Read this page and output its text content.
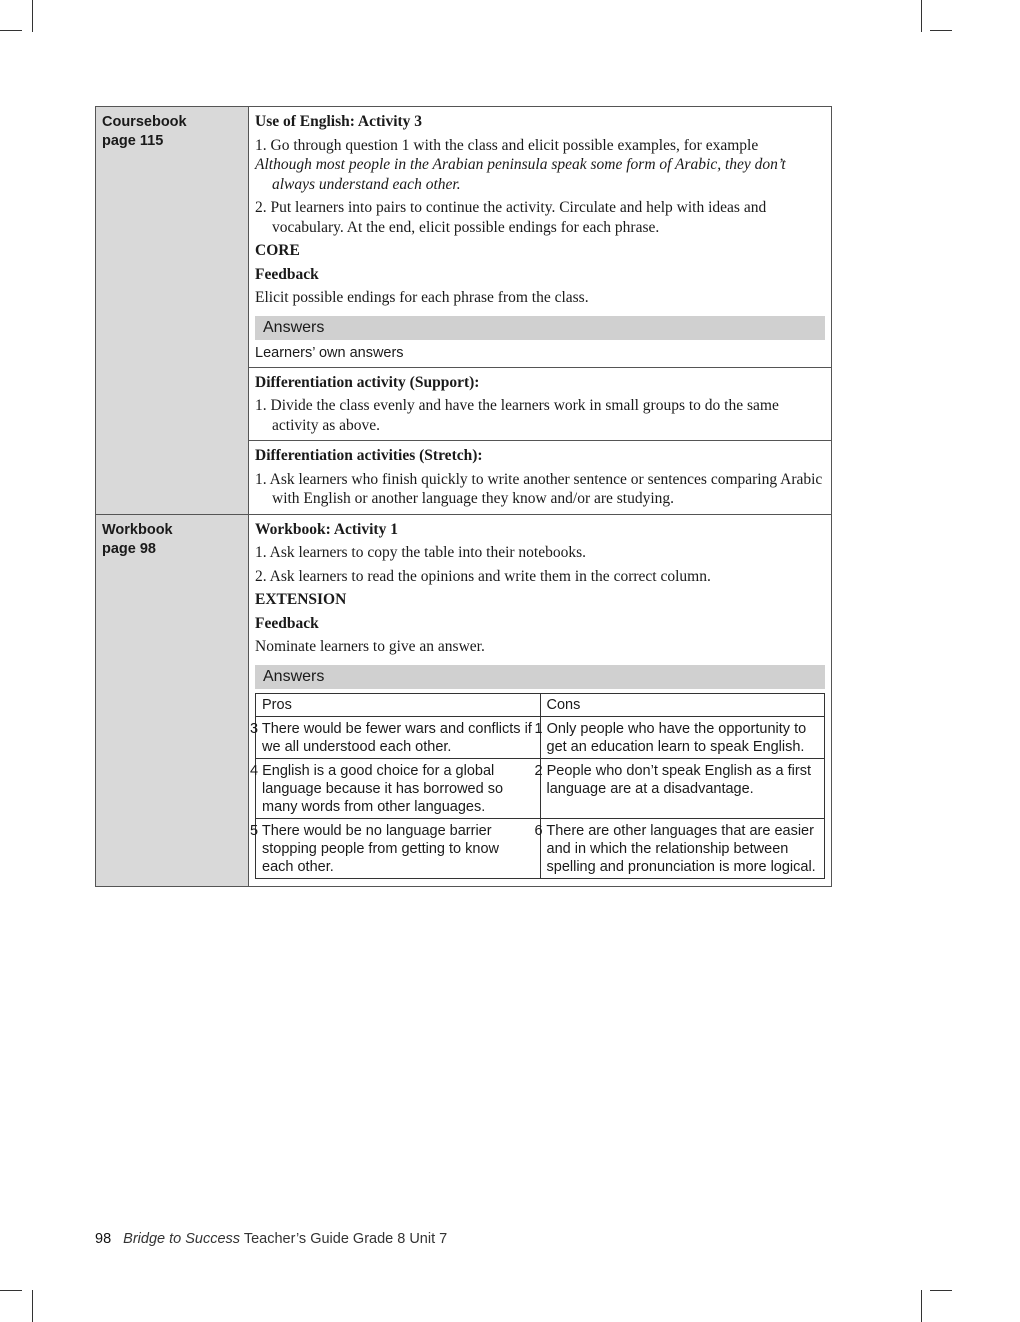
Coursebook
page 115

Use of English: Activity 3
1. Go through question 1 with the class and elicit possible examples, for example
Although most people in the Arabian peninsula speak some form of Arabic, they don’t always understand each other.
2. Put learners into pairs to continue the activity. Circulate and help with ideas and vocabulary. At the end, elicit possible endings for each phrase.
CORE
Feedback
Elicit possible endings for each phrase from the class.
Answers
Learners’ own answers
Differentiation activity (Support):
1. Divide the class evenly and have the learners work in small groups to do the same activity as above.
Differentiation activities (Stretch):
1. Ask learners who finish quickly to write another sentence or sentences comparing Arabic with English or another language they know and/or are studying.

Workbook
page 98

Workbook: Activity 1
1. Ask learners to copy the table into their notebooks.
2. Ask learners to read the opinions and write them in the correct column.
EXTENSION
Feedback
Nominate learners to give an answer.
Answers
Pros	Cons
3 There would be fewer wars and conflicts if we all understood each other.	1 Only people who have the opportunity to get an education learn to speak English.
4 English is a good choice for a global language because it has borrowed so many words from other languages.	2 People who don’t speak English as a first language are at a disadvantage.
5 There would be no language barrier stopping people from getting to know each other.	6 There are other languages that are easier and in which the relationship between spelling and pronunciation is more logical.
98 Bridge to Success Teacher’s Guide Grade 8 Unit 7
